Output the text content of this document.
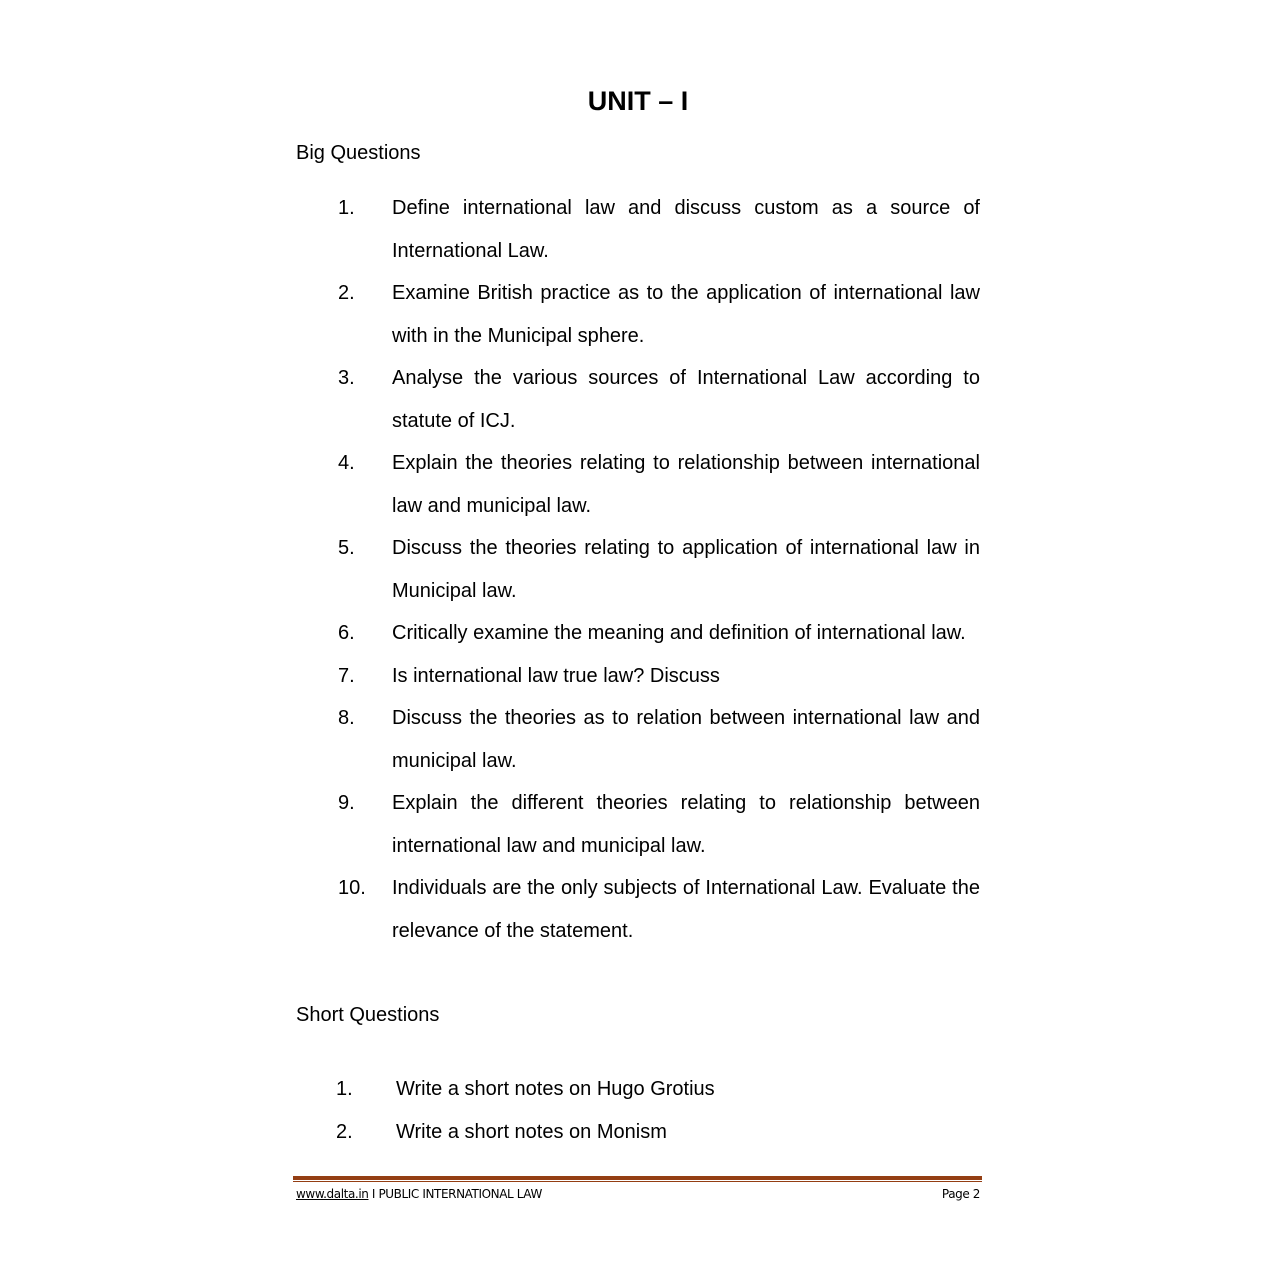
UNIT – I
Big Questions
1. Define international law and discuss custom as a source of International Law.
2. Examine British practice as to the application of international law with in the Municipal sphere.
3. Analyse the various sources of International Law according to statute of ICJ.
4. Explain the theories relating to relationship between international law and municipal law.
5. Discuss the theories relating to application of international law in Municipal law.
6. Critically examine the meaning and definition of international law.
7. Is international law true law? Discuss
8. Discuss the theories as to relation between international law and municipal law.
9. Explain the different theories relating to relationship between international law and municipal law.
10. Individuals are the only subjects of International Law. Evaluate the relevance of the statement.
Short Questions
1. Write a short notes on Hugo Grotius
2. Write a short notes on Monism
www.dalta.in I PUBLIC INTERNATIONAL LAW	Page 2
